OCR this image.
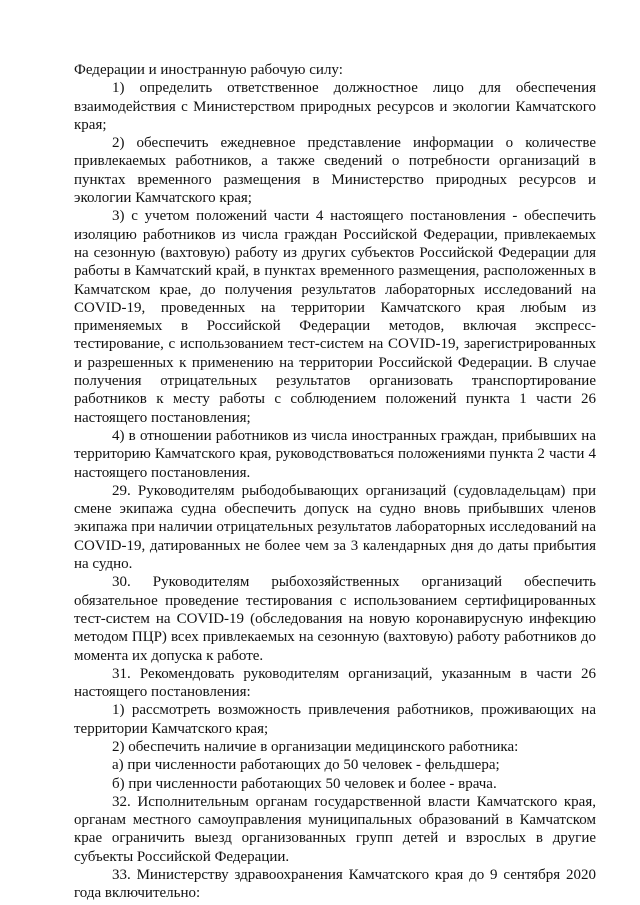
Федерации и иностранную рабочую силу:

1) определить ответственное должностное лицо для обеспечения взаимодействия с Министерством природных ресурсов и экологии Камчатского края;

2) обеспечить ежедневное представление информации о количестве привлекаемых работников, а также сведений о потребности организаций в пунктах временного размещения в Министерство природных ресурсов и экологии Камчатского края;

3) с учетом положений части 4 настоящего постановления - обеспечить изоляцию работников из числа граждан Российской Федерации, привлекаемых на сезонную (вахтовую) работу из других субъектов Российской Федерации для работы в Камчатский край, в пунктах временного размещения, расположенных в Камчатском крае, до получения результатов лабораторных исследований на COVID-19, проведенных на территории Камчатского края любым из применяемых в Российской Федерации методов, включая экспресс-тестирование, с использованием тест-систем на COVID-19, зарегистрированных и разрешенных к применению на территории Российской Федерации. В случае получения отрицательных результатов организовать транспортирование работников к месту работы с соблюдением положений пункта 1 части 26 настоящего постановления;

4) в отношении работников из числа иностранных граждан, прибывших на территорию Камчатского края, руководствоваться положениями пункта 2 части 4 настоящего постановления.

29. Руководителям рыбодобывающих организаций (судовладельцам) при смене экипажа судна обеспечить допуск на судно вновь прибывших членов экипажа при наличии отрицательных результатов лабораторных исследований на COVID-19, датированных не более чем за 3 календарных дня до даты прибытия на судно.

30. Руководителям рыбохозяйственных организаций обеспечить обязательное проведение тестирования с использованием сертифицированных тест-систем на COVID-19 (обследования на новую коронавирусную инфекцию методом ПЦР) всех привлекаемых на сезонную (вахтовую) работу работников до момента их допуска к работе.

31. Рекомендовать руководителям организаций, указанным в части 26 настоящего постановления:

1) рассмотреть возможность привлечения работников, проживающих на территории Камчатского края;

2) обеспечить наличие в организации медицинского работника:

а) при численности работающих до 50 человек - фельдшера;

б) при численности работающих 50 человек и более - врача.

32. Исполнительным органам государственной власти Камчатского края, органам местного самоуправления муниципальных образований в Камчатском крае ограничить выезд организованных групп детей и взрослых в другие субъекты Российской Федерации.

33. Министерству здравоохранения Камчатского края до 9 сентября 2020 года включительно:
